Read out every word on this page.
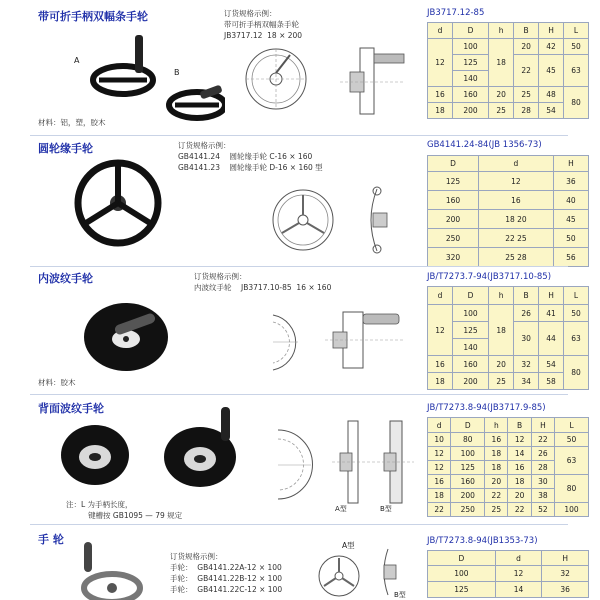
带可折手柄双幅条手轮	订货规格示例：
带可折手柄双幅条手轮
JB3717.12  18 × 200
A
B
材料：铝，塑，胶木
JB3717.12-85
d	D	h	B	H	L
12	100	18	20	42	50
	125		22	45	63
	140				
16	160	20	25	48	80
18	200	25	28	54	
圆轮缘手轮	订货规格示例：
GB4141.24    圆轮缘手轮 C-16 × 160
GB4141.23    圆轮缘手轮 D-16 × 160 型
GB4141.24-84(JB 1356-73)
D	d	H
125	12	36
160	16	40
200	18 20	45
250	22 25	50
320	25 28	56
内波纹手轮	订货规格示例：
内波纹手轮    JB3717.10-85  16 × 160
材料：胶木
JB/T7273.7-94(JB3717.10-85)
d	D	h	B	H	L
12	100	18	26	41	50
	125		30	44	63
	140				
16	160	20	32	54	80
18	200	25	34	58	
背面波纹手轮
注：L 为手柄长度，
键槽按 GB1095 — 79 规定
A型	B型
JB/T7273.8-94(JB3717.9-85)
d	D	h	B	H	L
10	80	16	12	22	50
12	100	18	14	26	63
12	125	18	16	28	
16	160	20	18	30	80
18	200	22	20	38	
22	250	25	22	52	100
手 轮
订货规格示例：
手轮：  GB4141.22A-12 × 100
手轮：  GB4141.22B-12 × 100
手轮：  GB4141.22C-12 × 100
A型
B型
JB/T7273.8-94(JB1353-73)
D	d	H
100	12	32
125	14	36
